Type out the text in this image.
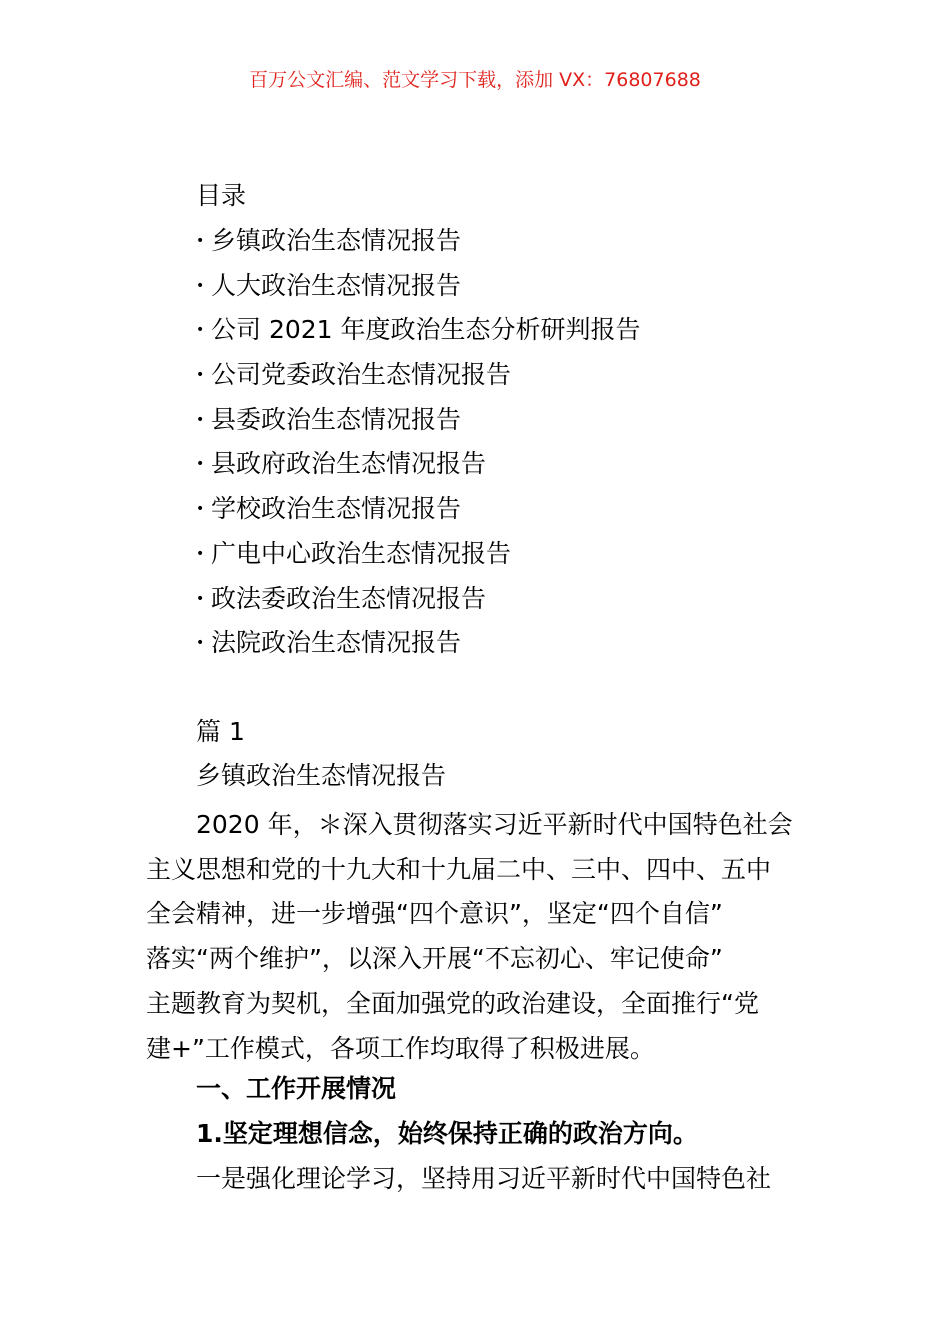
百万公文汇编、范文学习下载，添加 VX：76807688
目录
• 乡镇政治生态情况报告
• 人大政治生态情况报告
• 公司 2021 年度政治生态分析研判报告
• 公司党委政治生态情况报告
• 县委政治生态情况报告
• 县政府政治生态情况报告
• 学校政治生态情况报告
• 广电中心政治生态情况报告
• 政法委政治生态情况报告
• 法院政治生态情况报告
篇 1
乡镇政治生态情况报告
2020 年，＊深入贯彻落实习近平新时代中国特色社会
主义思想和党的十九大和十九届二中、三中、四中、五中
全会精神，进一步增强“四个意识”，坚定“四个自信”
落实“两个维护”，以深入开展“不忘初心、牢记使命”
主题教育为契机，全面加强党的政治建设，全面推行“党
建+”工作模式，各项工作均取得了积极进展。
一、工作开展情况
1.坚定理想信念，始终保持正确的政治方向。
一是强化理论学习，坚持用习近平新时代中国特色社
